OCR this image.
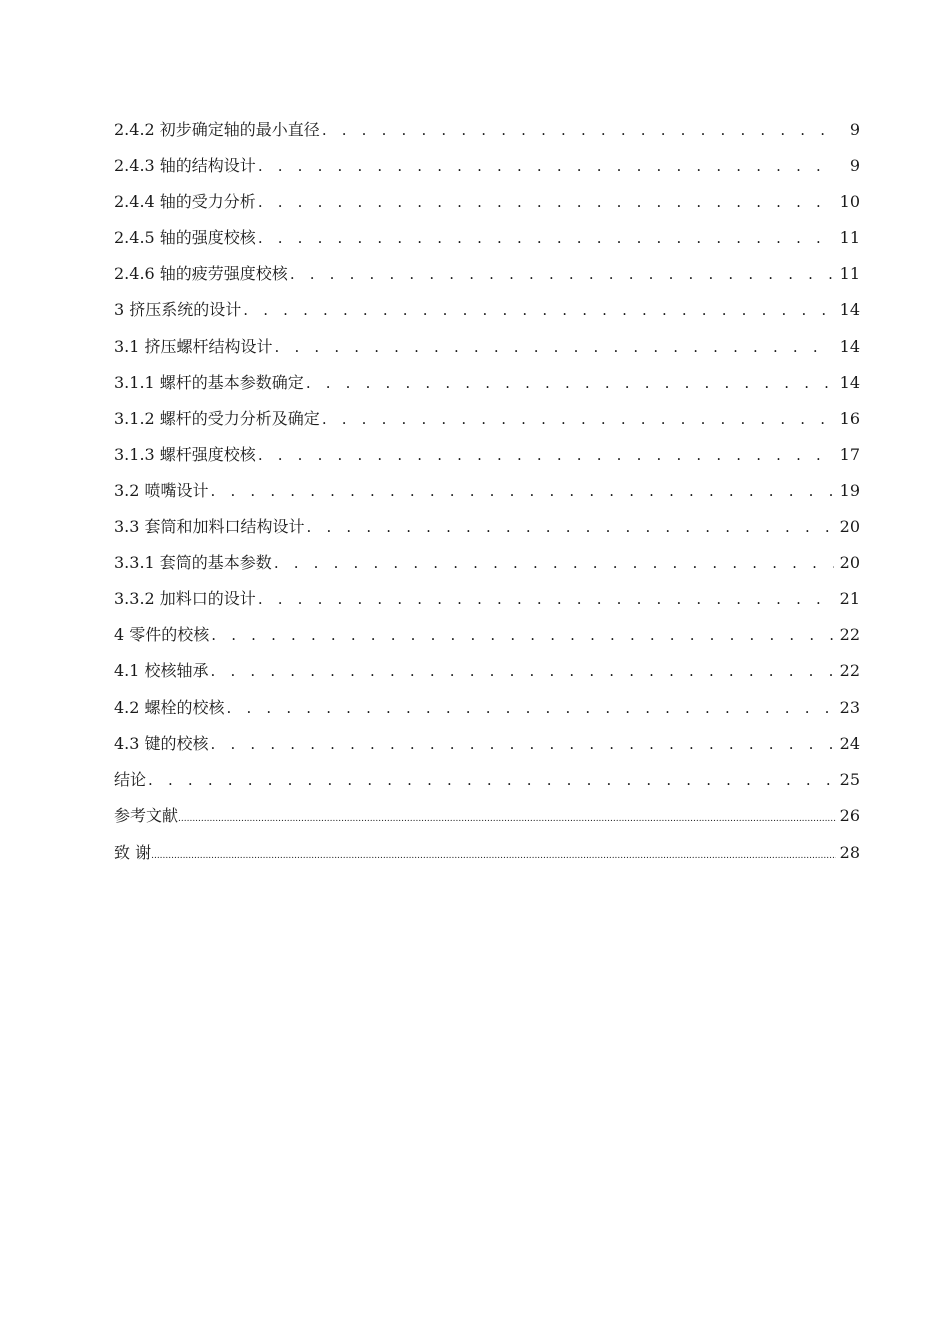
2.4.2 初步确定轴的最小直径 . . .	9
2.4.3 轴的结构设计 . . .	9
2.4.4 轴的受力分析 . . .	10
2.4.5 轴的强度校核 . . .	11
2.4.6 轴的疲劳强度校核 . . .	11
3 挤压系统的设计 . . .	14
3.1 挤压螺杆结构设计 . . .	14
3.1.1 螺杆的基本参数确定 . . .	14
3.1.2 螺杆的受力分析及确定 . . .	16
3.1.3 螺杆强度校核 . . .	17
3.2 喷嘴设计 . . .	19
3.3 套筒和加料口结构设计 . . .	20
3.3.1 套筒的基本参数 . . .	20
3.3.2 加料口的设计 . . .	21
4 零件的校核 . . .	22
4.1 校核轴承 . . .	22
4.2 螺栓的校核 . . .	23
4.3 键的校核 . . .	24
结论 . . .	25
参考文献 .....	26
致 谢 .....	28
